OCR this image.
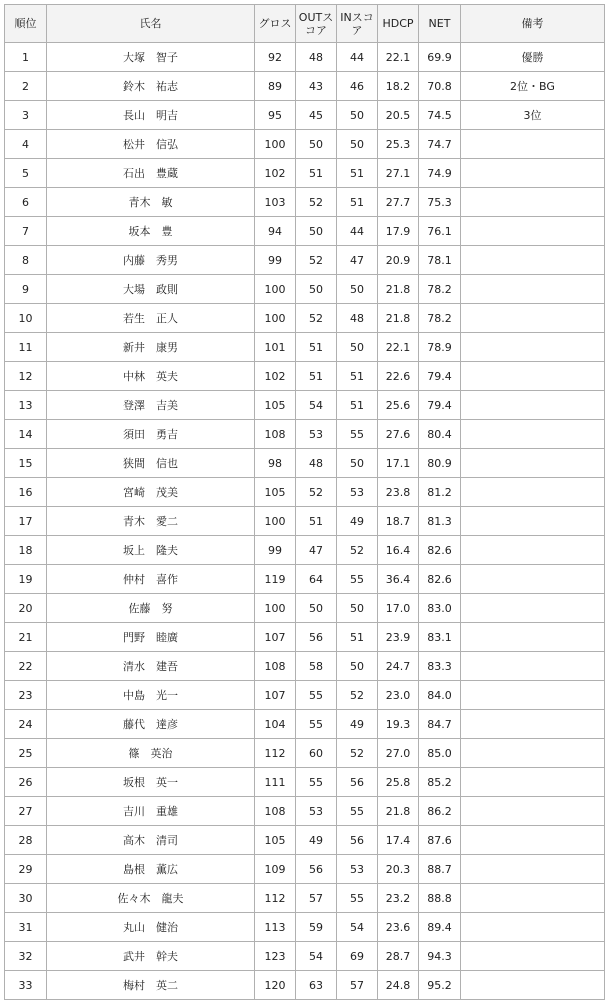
順位	氏名	グロス	OUTスコア	INスコア	HDCP	NET	備考
1	大塚　智子	92	48	44	22.1	69.9	優勝
2	鈴木　祐志	89	43	46	18.2	70.8	2位・BG
3	長山　明吉	95	45	50	20.5	74.5	3位
4	松井　信弘	100	50	50	25.3	74.7	
5	石出　豊蔵	102	51	51	27.1	74.9	
6	青木　敏	103	52	51	27.7	75.3	
7	坂本　豊	94	50	44	17.9	76.1	
8	内藤　秀男	99	52	47	20.9	78.1	
9	大場　政則	100	50	50	21.8	78.2	
10	若生　正人	100	52	48	21.8	78.2	
11	新井　康男	101	51	50	22.1	78.9	
12	中林　英夫	102	51	51	22.6	79.4	
13	登澤　吉美	105	54	51	25.6	79.4	
14	須田　勇吉	108	53	55	27.6	80.4	
15	狭間　信也	98	48	50	17.1	80.9	
16	宮崎　茂美	105	52	53	23.8	81.2	
17	青木　愛二	100	51	49	18.7	81.3	
18	坂上　隆夫	99	47	52	16.4	82.6	
19	仲村　喜作	119	64	55	36.4	82.6	
20	佐藤　努	100	50	50	17.0	83.0	
21	門野　睦廣	107	56	51	23.9	83.1	
22	清水　建吾	108	58	50	24.7	83.3	
23	中島　光一	107	55	52	23.0	84.0	
24	藤代　達彦	104	55	49	19.3	84.7	
25	篠　英治	112	60	52	27.0	85.0	
26	坂根　英一	111	55	56	25.8	85.2	
27	吉川　重雄	108	53	55	21.8	86.2	
28	高木　清司	105	49	56	17.4	87.6	
29	島根　薫広	109	56	53	20.3	88.7	
30	佐々木　龍夫	112	57	55	23.2	88.8	
31	丸山　健治	113	59	54	23.6	89.4	
32	武井　幹夫	123	54	69	28.7	94.3	
33	梅村　英二	120	63	57	24.8	95.2	
